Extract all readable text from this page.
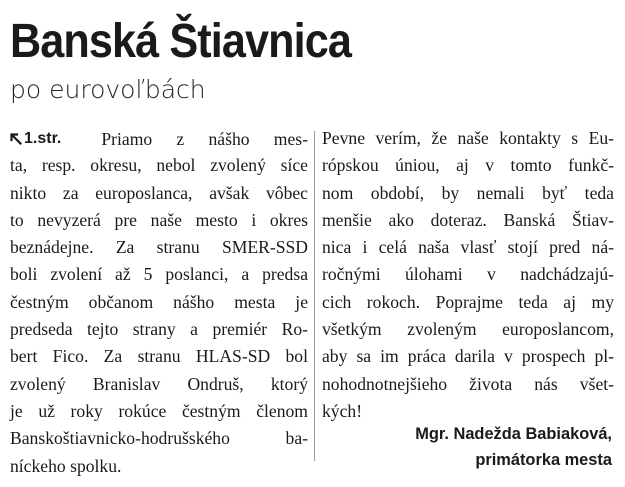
Banská Štiavnica
po eurovoľbách
1.str.	Priamo z nášho mes-
ta, resp. okresu, nebol zvolený síce
nikto za europoslanca, avšak vôbec
to nevyzerá pre naše mesto i okres
beznádejne. Za stranu SMER-SSD
boli zvolení až 5 poslanci, a predsa
čestným občanom nášho mesta je
predseda tejto strany a premiér Ro-
bert Fico. Za stranu HLAS-SD bol
zvolený Branislav Ondruš, ktorý
je už roky rokúce čestným členom
Banskoštiavnicko-hodrušského ba-
níckeho spolku.
Pevne verím, že naše kontakty s Eu-
rópskou úniou, aj v tomto funkč-
nom období, by nemali byť teda
menšie ako doteraz. Banská Štiav-
nica i celá naša vlasť stojí pred ná-
ročnými úlohami v nadchádzajú-
cich rokoch. Poprajme teda aj my
všetkým zvoleným europoslancom,
aby sa im práca darila v prospech pl-
nohodnotnejšieho života nás všet-
kých!
Mgr. Nadežda Babiaková,
primátorka mesta
